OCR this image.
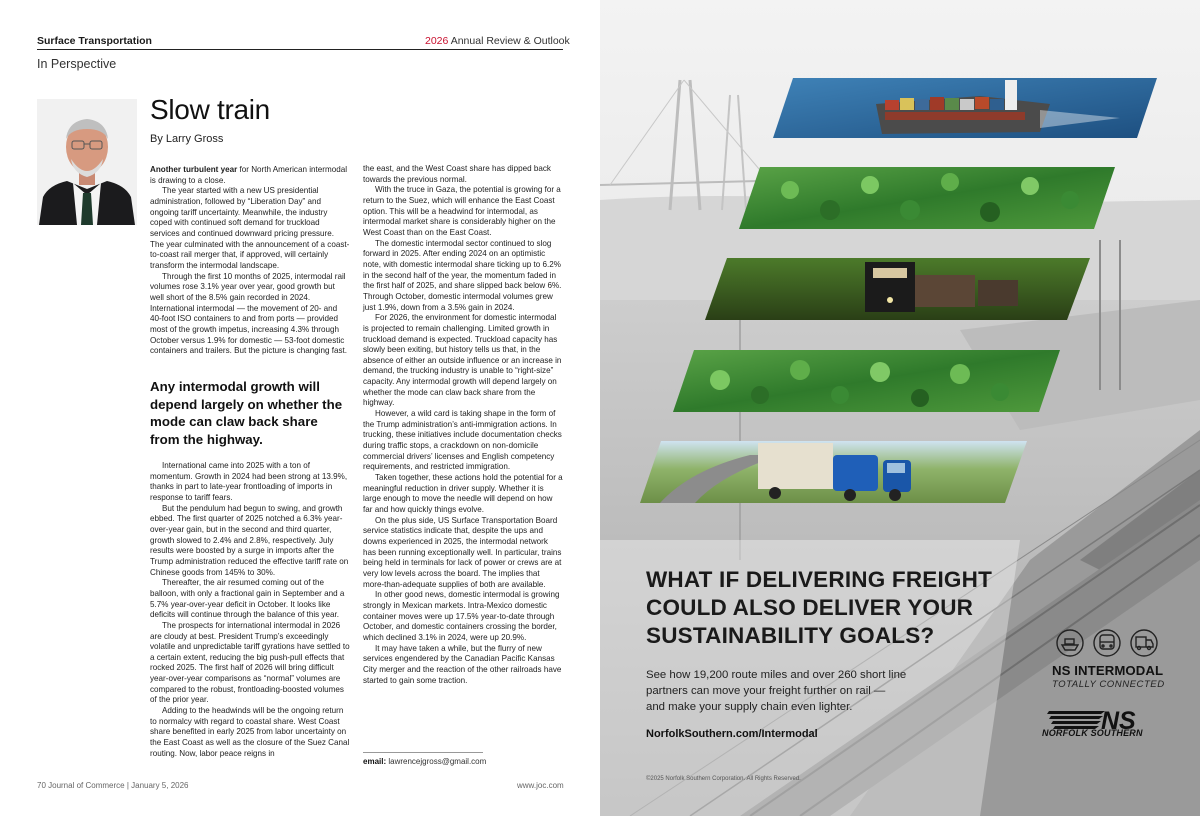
Surface Transportation	2026 Annual Review & Outlook
In Perspective
Slow train
By Larry Gross

Another turbulent year for North American intermodal is drawing to a close.

The year started with a new US presidential administration, followed by “Liberation Day” and ongoing tariff uncertainty. Meanwhile, the industry coped with continued soft demand for truckload services and continued downward pricing pressure. The year culminated with the announcement of a coast-to-coast rail merger that, if approved, will certainly transform the intermodal landscape.

Through the first 10 months of 2025, intermodal rail volumes rose 3.1% year over year, good growth but well short of the 8.5% gain recorded in 2024. International intermodal — the movement of 20- and 40-foot ISO containers to and from ports — provided most of the growth impetus, increasing 4.3% through October versus 1.9% for domestic — 53-foot domestic containers and trailers. But the picture is changing fast.

Any intermodal growth will depend largely on whether the mode can claw back share from the highway.

International came into 2025 with a ton of momentum. Growth in 2024 had been strong at 13.9%, thanks in part to late-year frontloading of imports in response to tariff fears.

But the pendulum had begun to swing, and growth ebbed. The first quarter of 2025 notched a 6.3% year-over-year gain, but in the second and third quarter, growth slowed to 2.4% and 2.8%, respectively. July results were boosted by a surge in imports after the Trump administration reduced the effective tariff rate on Chinese goods from 145% to 30%.

Thereafter, the air resumed coming out of the balloon, with only a fractional gain in September and a 5.7% year-over-year deficit in October. It looks like deficits will continue through the balance of this year.

The prospects for international intermodal in 2026 are cloudy at best. President Trump’s exceedingly volatile and unpredictable tariff gyrations have settled to a certain extent, reducing the big push-pull effects that rocked 2025. The first half of 2026 will bring difficult year-over-year comparisons as “normal” volumes are compared to the robust, frontloading-boosted volumes of the prior year.

Adding to the headwinds will be the ongoing return to normalcy with regard to coastal share. West Coast share benefited in early 2025 from labor uncertainty on the East Coast as well as the closure of the Suez Canal routing. Now, labor peace reigns in

the east, and the West Coast share has dipped back towards the previous normal.

With the truce in Gaza, the potential is growing for a return to the Suez, which will enhance the East Coast option. This will be a headwind for intermodal, as intermodal market share is considerably higher on the West Coast than on the East Coast.

The domestic intermodal sector continued to slog forward in 2025. After ending 2024 on an optimistic note, with domestic intermodal share ticking up to 6.2% in the second half of the year, the momentum faded in the first half of 2025, and share slipped back below 6%. Through October, domestic intermodal volumes grew just 1.9%, down from a 3.5% gain in 2024.

For 2026, the environment for domestic intermodal is projected to remain challenging. Limited growth in truckload demand is expected. Truckload capacity has slowly been exiting, but history tells us that, in the absence of either an outside influence or an increase in demand, the trucking industry is unable to “right-size” capacity. Any intermodal growth will depend largely on whether the mode can claw back share from the highway.

However, a wild card is taking shape in the form of the Trump administration’s anti-immigration actions. In trucking, these initiatives include documentation checks during traffic stops, a crackdown on non-domicile commercial drivers’ licenses and English competency requirements, and restricted immigration.

Taken together, these actions hold the potential for a meaningful reduction in driver supply. Whether it is large enough to move the needle will depend on how far and how quickly things evolve.

On the plus side, US Surface Transportation Board service statistics indicate that, despite the ups and downs experienced in 2025, the intermodal network has been running exceptionally well. In particular, trains being held in terminals for lack of power or crews are at very low levels across the board. The implies that more-than-adequate supplies of both are available.

In other good news, domestic intermodal is growing strongly in Mexican markets. Intra-Mexico domestic container moves were up 17.5% year-to-date through October, and domestic containers crossing the border, which declined 3.1% in 2024, were up 20.9%.

It may have taken a while, but the flurry of new services engendered by the Canadian Pacific Kansas City merger and the reaction of the other railroads have started to gain some traction.

email: lawrencejgross@gmail.com
70 Journal of Commerce | January 5, 2026	www.joc.com
WHAT IF DELIVERING FREIGHT
COULD ALSO DELIVER YOUR
SUSTAINABILITY GOALS?
See how 19,200 route miles and over 260 short line
partners can move your freight further on rail —
and make your supply chain even lighter.
NorfolkSouthern.com/Intermodal
©2025 Norfolk Southern Corporation. All Rights Reserved.
NS INTERMODAL
TOTALLY CONNECTED
NS
NORFOLK SOUTHERN
